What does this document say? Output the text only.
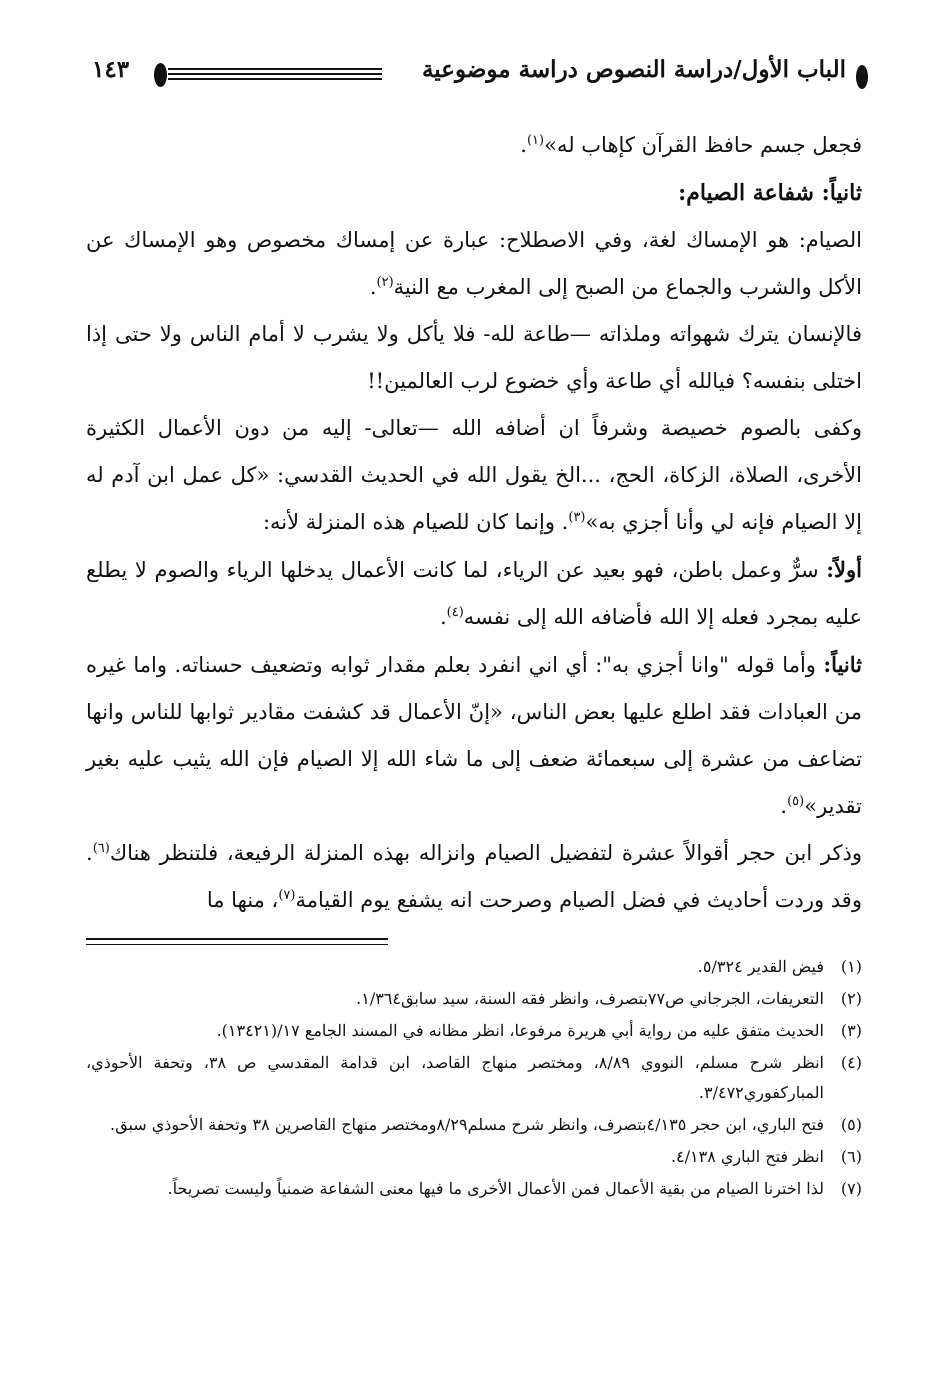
الباب الأول/دراسة النصوص دراسة موضوعية
١٤٣

فجعل جسم حافظ القرآن كإهاب له»$^{(١)}$.

ثانياً: شفاعة الصيام:

الصيام: هو الإمساك لغة، وفي الاصطلاح: عبارة عن إمساك مخصوص وهو الإمساك عن الأكل والشرب والجماع من الصبح إلى المغرب مع النية$^{(٢)}$.

فالإنسان يترك شهواته وملذاته —طاعة لله- فلا يأكل ولا يشرب لا أمام الناس ولا حتى إذا اختلى بنفسه؟ فيالله أي طاعة وأي خضوع لرب العالمين!!

وكفى بالصوم خصيصة وشرفاً ان أضافه الله —تعالى- إليه من دون الأعمال الكثيرة الأخرى، الصلاة، الزكاة، الحج، ...الخ يقول الله في الحديث القدسي: «كل عمل ابن آدم له إلا الصيام فإنه لي وأنا أجزي به»$^{(٣)}$. وإنما كان للصيام هذه المنزلة لأنه:

أولاً: سرٌّ وعمل باطن، فهو بعيد عن الرياء، لما كانت الأعمال يدخلها الرياء والصوم لا يطلع عليه بمجرد فعله إلا الله فأضافه الله إلى نفسه$^{(٤)}$.

ثانياً: وأما قوله "وانا أجزي به": أي اني انفرد بعلم مقدار ثوابه وتضعيف حسناته. واما غيره من العبادات فقد اطلع عليها بعض الناس، «إنّ الأعمال قد كشفت مقادير ثوابها للناس وانها تضاعف من عشرة إلى سبعمائة ضعف إلى ما شاء الله إلا الصيام فإن الله يثيب عليه بغير تقدير»$^{(٥)}$.

وذكر ابن حجر أقوالاً عشرة لتفضيل الصيام وانزاله بهذه المنزلة الرفيعة، فلتنظر هناك$^{(٦)}$. وقد وردت أحاديث في فضل الصيام وصرحت انه يشفع يوم القيامة$^{(٧)}$، منها ما

(١)
فيض القدير ٥/٣٢٤.

(٢)
التعريفات، الجرجاني ص٧٧بتصرف، وانظر فقه السنة، سيد سابق١/٣٦٤.

(٣)
الحديث متفق عليه من رواية أبي هريرة مرفوعا، انظر مظانه في المسند الجامع ١٧/(١٣٤٢١).

(٤)
انظر شرح مسلم، النووي ٨/٨٩، ومختصر منهاج القاصد، ابن قدامة المقدسي ص ٣٨، وتحفة الأحوذي، المباركفوري٣/٤٧٢.

(٥)
فتح الباري، ابن حجر ٤/١٣٥بتصرف، وانظر شرح مسلم٨/٢٩ومختصر منهاج القاصرين ٣٨ وتحفة الأحوذي سبق.

(٦)
انظر فتح الباري ٤/١٣٨.

(٧)
لذا اخترنا الصيام من بقية الأعمال فمن الأعمال الأخرى ما فيها معنى الشفاعة ضمنياً وليست تصريحاً.
